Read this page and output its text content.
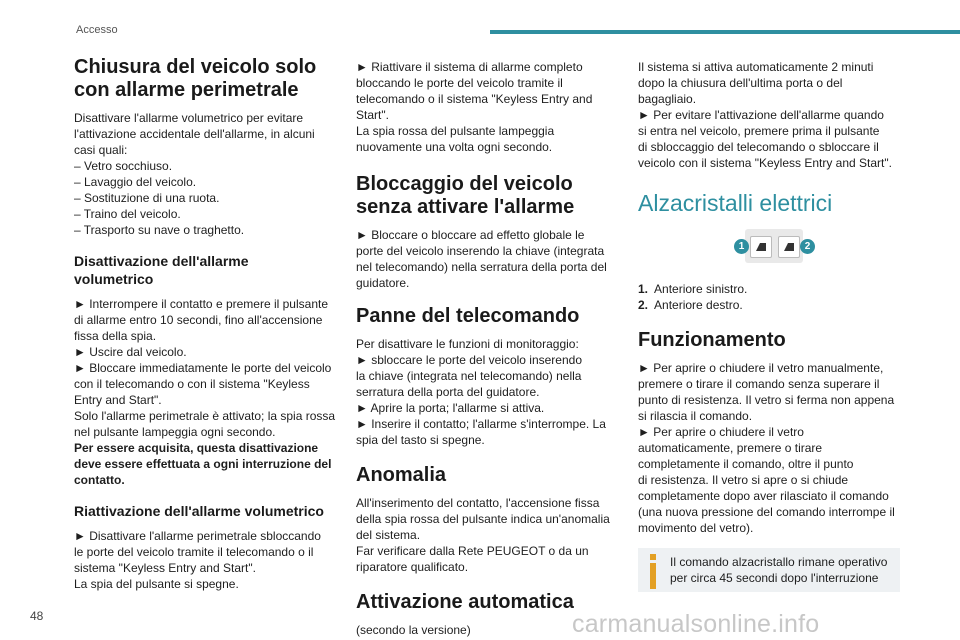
Accesso
Chiusura del veicolo solo
con allarme perimetrale

Disattivare l'allarme volumetrico per evitare
l'attivazione accidentale dell'allarme, in alcuni
casi quali:
– Vetro socchiuso.
– Lavaggio del veicolo.
– Sostituzione di una ruota.
– Traino del veicolo.
– Trasporto su nave o traghetto.

Disattivazione dell'allarme
volumetrico

► Interrompere il contatto e premere il pulsante
di allarme entro 10 secondi, fino all'accensione
fissa della spia.
► Uscire dal veicolo.
► Bloccare immediatamente le porte del veicolo
con il telecomando o con il sistema "Keyless
Entry and Start".
Solo l'allarme perimetrale è attivato; la spia rossa
nel pulsante lampeggia ogni secondo.

Per essere acquisita, questa disattivazione
deve essere effettuata a ogni interruzione del
contatto.

Riattivazione dell'allarme volumetrico

► Disattivare l'allarme perimetrale sbloccando
le porte del veicolo tramite il telecomando o il
sistema "Keyless Entry and Start".
La spia del pulsante si spegne.

► Riattivare il sistema di allarme completo
bloccando le porte del veicolo tramite il
telecomando o il sistema "Keyless Entry and
Start".
La spia rossa del pulsante lampeggia
nuovamente una volta ogni secondo.

Bloccaggio del veicolo
senza attivare l'allarme

► Bloccare o bloccare ad effetto globale le
porte del veicolo inserendo la chiave (integrata
nel telecomando) nella serratura della porta del
guidatore.

Panne del telecomando

Per disattivare le funzioni di monitoraggio:
► sbloccare le porte del veicolo inserendo
la chiave (integrata nel telecomando) nella
serratura della porta del guidatore.
► Aprire la porta; l'allarme si attiva.
► Inserire il contatto; l'allarme s'interrompe. La
spia del tasto si spegne.

Anomalia

All'inserimento del contatto, l'accensione fissa
della spia rossa del pulsante indica un'anomalia
del sistema.
Far verificare dalla Rete PEUGEOT o da un
riparatore qualificato.

Attivazione automatica

(secondo la versione)

Il sistema si attiva automaticamente 2 minuti
dopo la chiusura dell'ultima porta o del
bagagliaio.
► Per evitare l'attivazione dell'allarme quando
si entra nel veicolo, premere prima il pulsante
di sbloccaggio del telecomando o sbloccare il
veicolo con il sistema "Keyless Entry and Start".

Alzacristalli elettrici
1	2
1. Anteriore sinistro.
2. Anteriore destro.
Funzionamento

► Per aprire o chiudere il vetro manualmente,
premere o tirare il comando senza superare il
punto di resistenza. Il vetro si ferma non appena
si rilascia il comando.
► Per aprire o chiudere il vetro
automaticamente, premere o tirare
completamente il comando, oltre il punto
di resistenza. Il vetro si apre o si chiude
completamente dopo aver rilasciato il comando
(una nuova pressione del comando interrompe il
movimento del vetro).

Il comando alzacristallo rimane operativo
per circa 45 secondi dopo l'interruzione
48	carmanualsonline.info
